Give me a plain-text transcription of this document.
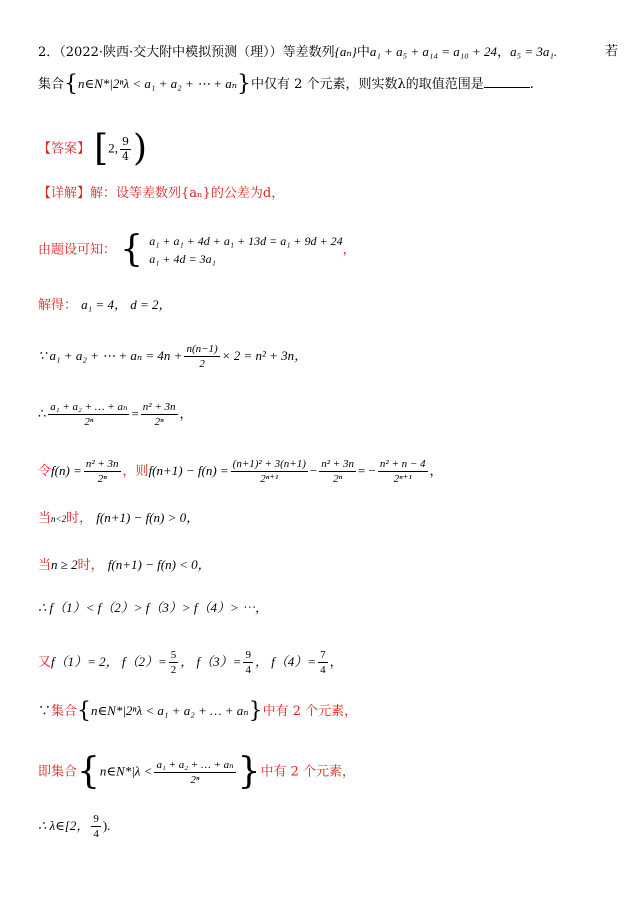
2．（2022·陕西·交大附中模拟预测（理））等差数列{aₙ}中a₁ + a₅ + a₁₄ = a₁₀ + 24，a₅ = 3a₁.	若
集合{n∈N*|2ⁿλ < a₁ + a₂ + ⋯ + aₙ}中仅有 2 个元素，则实数λ的取值范围是	.
【答案】 [2, $\frac{9}{4}$ )
【详解】解：设等差数列{aₙ}的公差为d，
由题设可知： { a₁ + a₁ + 4d + a₁ + 13d = a₁ + 9d + 24
a₁ + 4d = 3a₁
，
解得： a₁ = 4， d = 2，
∵ a₁ + a₂ + ⋯ + $a_n = 4n + \frac{n(n-1)}{2} \times 2 = n^2 + 3n$，
∴ $\frac{\text{a₁ + a₂ + … + aₙ}}{\text{2ⁿ}} = \frac{\text{n² + 3n}}{\text{2ⁿ}}$ ，
令$f(n) = \frac{\text{n² + 3n}}{\text{2ⁿ}}$ ，则$f(n+1) - f(n) = \frac{\text{(n+1)² + 3(n+1)}}{\text{2ⁿ⁺¹}} - \frac{\text{n² + 3n}}{\text{2ⁿ}}$ = − $\frac{\text{n² + n − 4}}{\text{2ⁿ⁺¹}}$ ，
当n<2时， f(n+1) − f(n) > 0，
当n ≥ 2时， f(n+1) − f(n) < 0，
∴ f（1）< f（2）> f（3）> f（4）> ⋯，
又f（1）= 2， $f(2)= \frac{5}{2}$ ， $f(3)= \frac{9}{4}$ ， $f(4)= \frac{7}{4}$ ，
∵集合{n∈N*|2ⁿλ < a₁ + a₂ + … + aₙ}中有 2 个元素，
即集合{n∈N*|λ < $\frac{\text{a₁ + a₂ + … + aₙ}}{\text{2ⁿ}}$ }中有 2 个元素，
∴ λ∈[2， $\frac{9}{4}$ ).
